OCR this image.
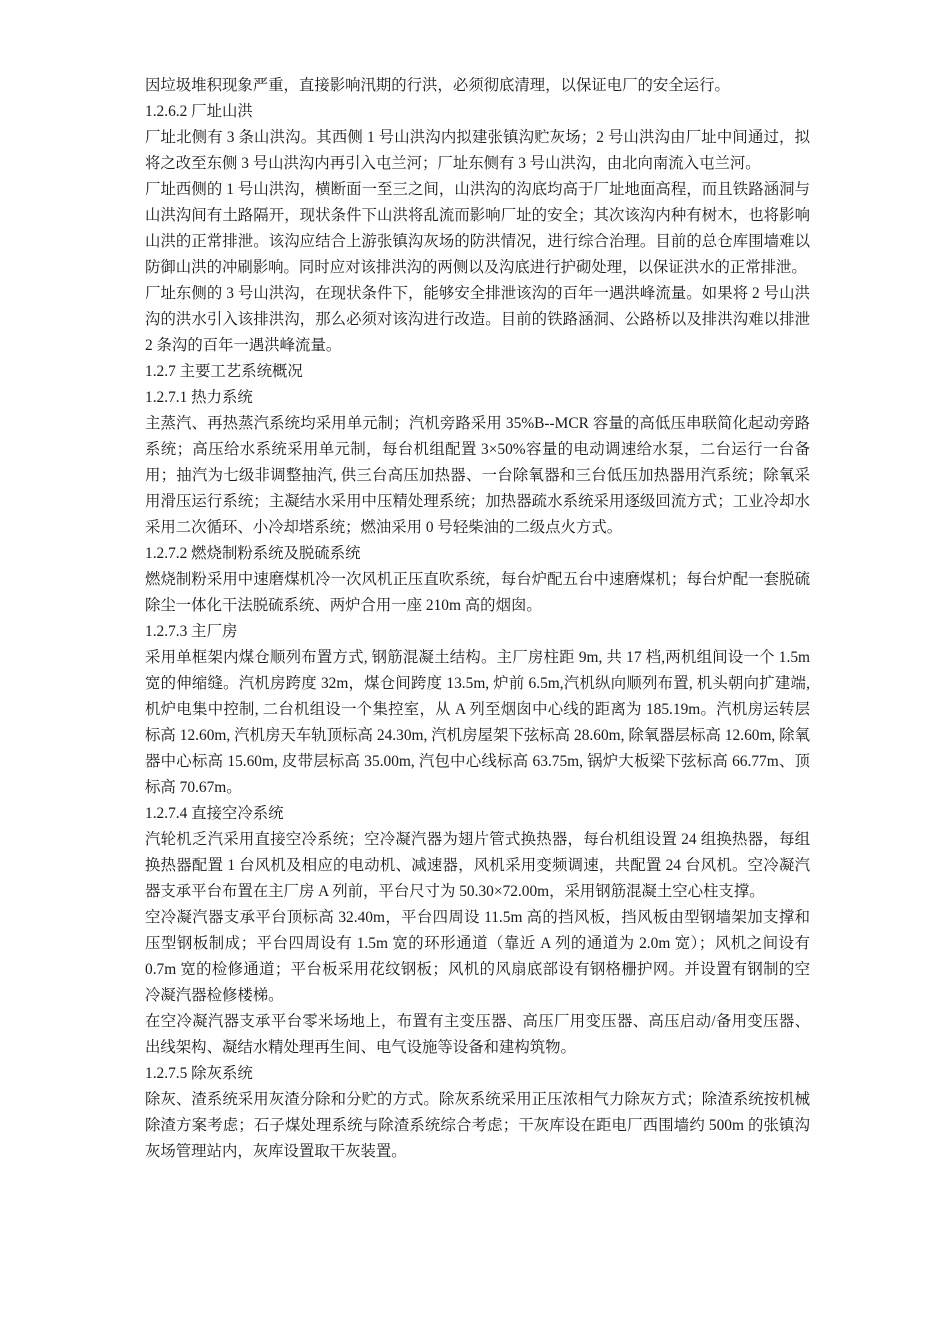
因垃圾堆积现象严重，直接影响汛期的行洪，必须彻底清理，以保证电厂的安全运行。

1.2.6.2 厂址山洪

厂址北侧有 3 条山洪沟。其西侧 1 号山洪沟内拟建张镇沟贮灰场；2 号山洪沟由厂址中间通过，拟将之改至东侧 3 号山洪沟内再引入屯兰河；厂址东侧有 3 号山洪沟，由北向南流入屯兰河。

厂址西侧的 1 号山洪沟，横断面一至三之间，山洪沟的沟底均高于厂址地面高程，而且铁路涵洞与山洪沟间有土路隔开，现状条件下山洪将乱流而影响厂址的安全；其次该沟内种有树木，也将影响山洪的正常排泄。该沟应结合上游张镇沟灰场的防洪情况，进行综合治理。目前的总仓库围墙难以防御山洪的冲刷影响。同时应对该排洪沟的两侧以及沟底进行护砌处理，以保证洪水的正常排泄。

厂址东侧的 3 号山洪沟，在现状条件下，能够安全排泄该沟的百年一遇洪峰流量。如果将 2 号山洪沟的洪水引入该排洪沟，那么必须对该沟进行改造。目前的铁路涵洞、公路桥以及排洪沟难以排泄 2 条沟的百年一遇洪峰流量。

1.2.7 主要工艺系统概况

1.2.7.1 热力系统

主蒸汽、再热蒸汽系统均采用单元制；汽机旁路采用 35%B--MCR 容量的高低压串联简化起动旁路系统；高压给水系统采用单元制，每台机组配置 3×50%容量的电动调速给水泵，二台运行一台备用；抽汽为七级非调整抽汽, 供三台高压加热器、一台除氧器和三台低压加热器用汽系统；除氧采用滑压运行系统；主凝结水采用中压精处理系统；加热器疏水系统采用逐级回流方式；工业冷却水采用二次循环、小冷却塔系统；燃油采用 0 号轻柴油的二级点火方式。

1.2.7.2 燃烧制粉系统及脱硫系统

燃烧制粉采用中速磨煤机冷一次风机正压直吹系统，每台炉配五台中速磨煤机；每台炉配一套脱硫除尘一体化干法脱硫系统、两炉合用一座 210m 高的烟囱。

1.2.7.3 主厂房

采用单框架内煤仓顺列布置方式, 钢筋混凝土结构。主厂房柱距 9m, 共 17 档,两机组间设一个 1.5m 宽的伸缩缝。汽机房跨度 32m，煤仓间跨度 13.5m, 炉前 6.5m,汽机纵向顺列布置, 机头朝向扩建端, 机炉电集中控制, 二台机组设一个集控室，从 A 列至烟囱中心线的距离为 185.19m。汽机房运转层标高 12.60m, 汽机房天车轨顶标高 24.30m, 汽机房屋架下弦标高 28.60m, 除氧器层标高 12.60m, 除氧器中心标高 15.60m, 皮带层标高 35.00m, 汽包中心线标高 63.75m, 锅炉大板梁下弦标高 66.77m、顶标高 70.67m。

1.2.7.4 直接空冷系统

汽轮机乏汽采用直接空冷系统；空冷凝汽器为翅片管式换热器，每台机组设置 24 组换热器，每组换热器配置 1 台风机及相应的电动机、减速器，风机采用变频调速，共配置 24 台风机。空冷凝汽器支承平台布置在主厂房 A 列前，平台尺寸为 50.30×72.00m，采用钢筋混凝土空心柱支撑。

空冷凝汽器支承平台顶标高 32.40m，平台四周设 11.5m 高的挡风板，挡风板由型钢墙架加支撑和压型钢板制成；平台四周设有 1.5m 宽的环形通道（靠近 A 列的通道为 2.0m 宽）；风机之间设有 0.7m 宽的检修通道；平台板采用花纹钢板；风机的风扇底部设有钢格栅护网。并设置有钢制的空冷凝汽器检修楼梯。

在空冷凝汽器支承平台零米场地上，布置有主变压器、高压厂用变压器、高压启动/备用变压器、出线架构、凝结水精处理再生间、电气设施等设备和建构筑物。

1.2.7.5 除灰系统

除灰、渣系统采用灰渣分除和分贮的方式。除灰系统采用正压浓相气力除灰方式；除渣系统按机械除渣方案考虑；石子煤处理系统与除渣系统综合考虑；干灰库设在距电厂西围墙约 500m 的张镇沟灰场管理站内，灰库设置取干灰装置。
